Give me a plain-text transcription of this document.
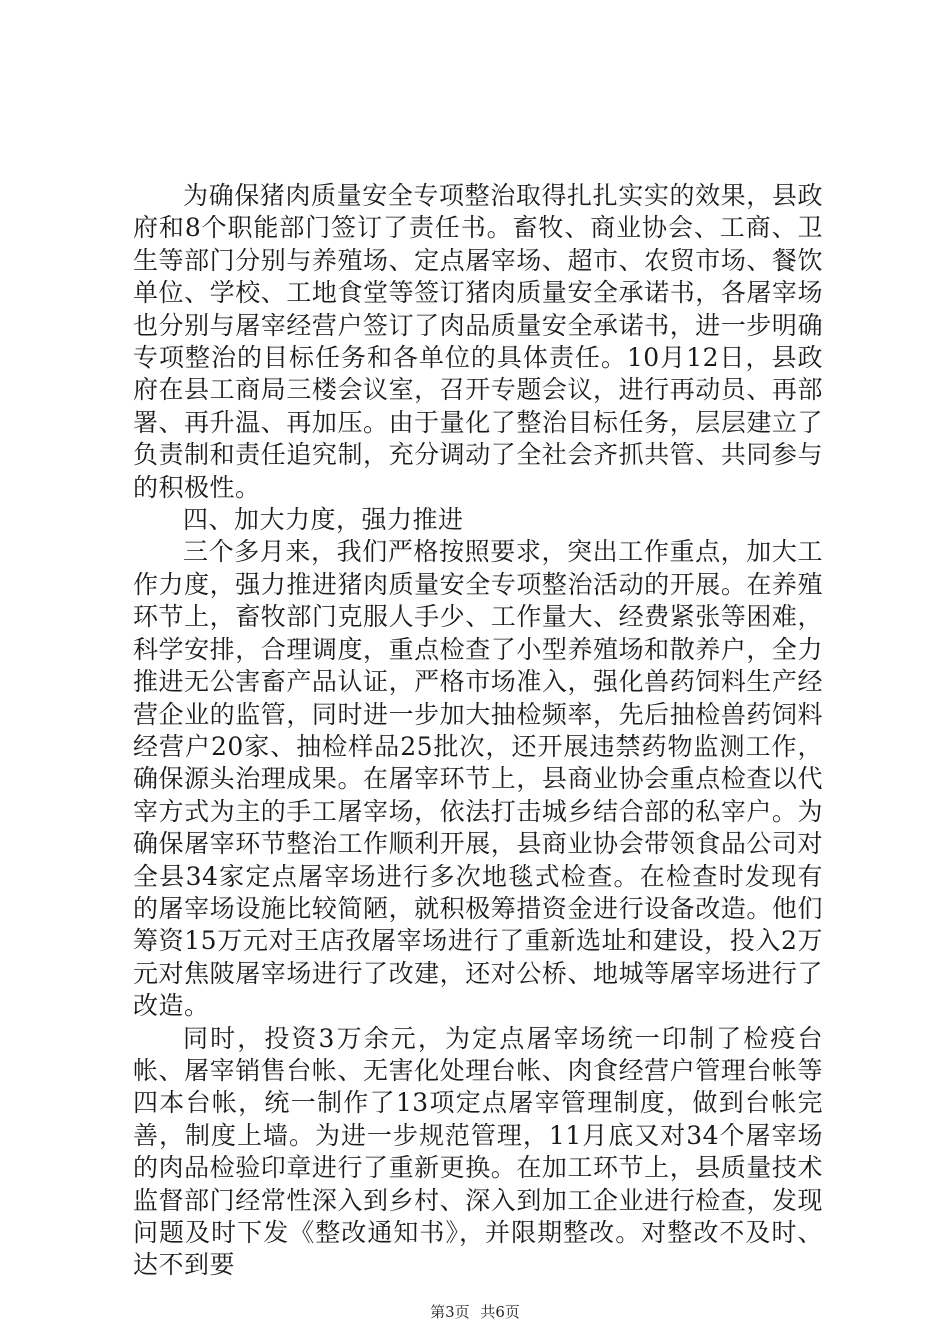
为确保猪肉质量安全专项整治取得扎扎实实的效果，县政府和8个职能部门签订了责任书。畜牧、商业协会、工商、卫生等部门分别与养殖场、定点屠宰场、超市、农贸市场、餐饮单位、学校、工地食堂等签订猪肉质量安全承诺书，各屠宰场也分别与屠宰经营户签订了肉品质量安全承诺书，进一步明确专项整治的目标任务和各单位的具体责任。10月12日，县政府在县工商局三楼会议室，召开专题会议，进行再动员、再部署、再升温、再加压。由于量化了整治目标任务，层层建立了负责制和责任追究制，充分调动了全社会齐抓共管、共同参与的积极性。

四、加大力度，强力推进

三个多月来，我们严格按照要求，突出工作重点，加大工作力度，强力推进猪肉质量安全专项整治活动的开展。在养殖环节上，畜牧部门克服人手少、工作量大、经费紧张等困难，科学安排，合理调度，重点检查了小型养殖场和散养户，全力推进无公害畜产品认证，严格市场准入，强化兽药饲料生产经营企业的监管，同时进一步加大抽检频率，先后抽检兽药饲料经营户20家、抽检样品25批次，还开展违禁药物监测工作，确保源头治理成果。在屠宰环节上，县商业协会重点检查以代宰方式为主的手工屠宰场，依法打击城乡结合部的私宰户。为确保屠宰环节整治工作顺利开展，县商业协会带领食品公司对全县34家定点屠宰场进行多次地毯式检查。在检查时发现有的屠宰场设施比较简陋，就积极筹措资金进行设备改造。他们筹资15万元对王店孜屠宰场进行了重新选址和建设，投入2万元对焦陂屠宰场进行了改建，还对公桥、地城等屠宰场进行了改造。

同时，投资3万余元，为定点屠宰场统一印制了检疫台帐、屠宰销售台帐、无害化处理台帐、肉食经营户管理台帐等四本台帐，统一制作了13项定点屠宰管理制度，做到台帐完善，制度上墙。为进一步规范管理，11月底又对34个屠宰场的肉品检验印章进行了重新更换。在加工环节上，县质量技术监督部门经常性深入到乡村、深入到加工企业进行检查，发现问题及时下发《整改通知书》，并限期整改。对整改不及时、达不到要

第3页 共6页
